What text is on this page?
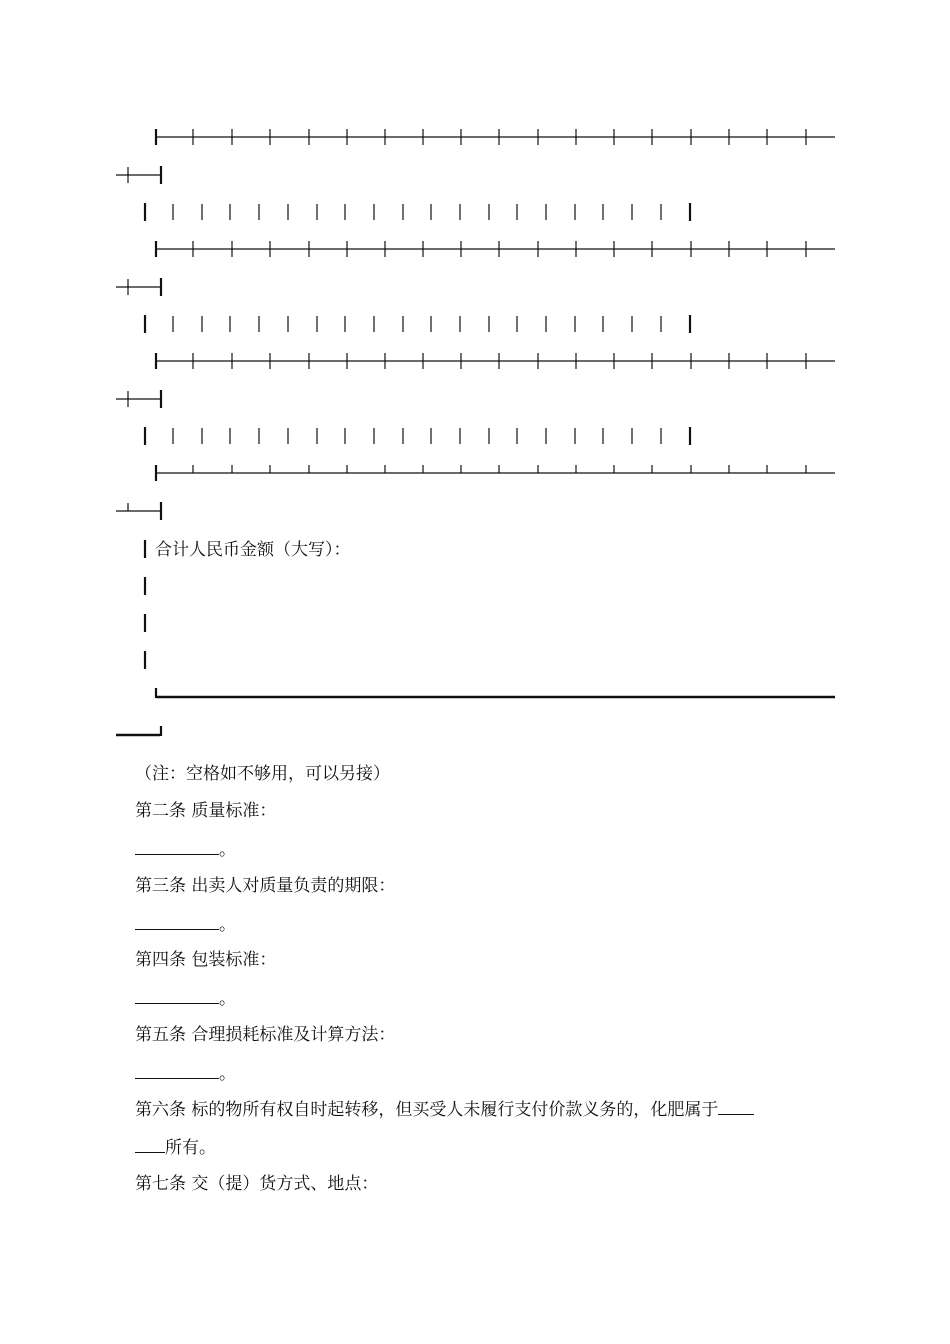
合计人民币金额（大写）：
（注：空格如不够用，可以另接）
第二条 质量标准：
。
第三条 出卖人对质量负责的期限：
。
第四条 包装标准：
。
第五条 合理损耗标准及计算方法：
。
第六条 标的物所有权自时起转移，但买受人未履行支付价款义务的，化肥属于
所有。
第七条 交（提）货方式、地点：
